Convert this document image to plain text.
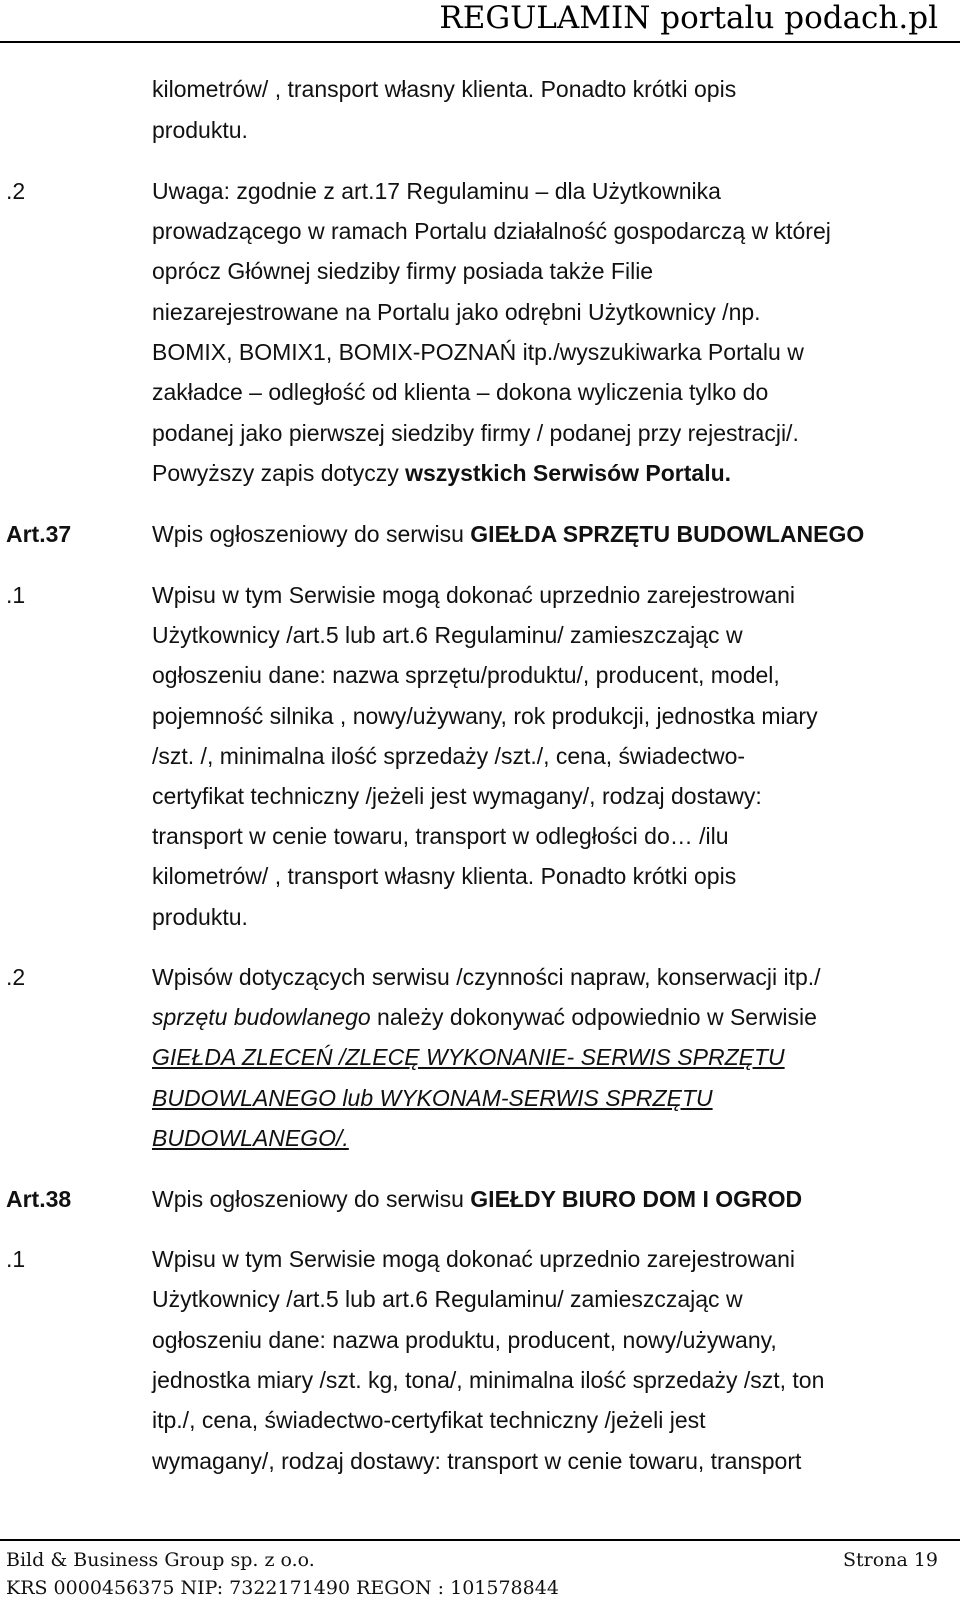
REGULAMIN portalu podach.pl
kilometrów/ , transport własny klienta. Ponadto krótki opis
produktu.
.2	Uwaga: zgodnie z art.17 Regulaminu – dla Użytkownika
prowadzącego w ramach Portalu działalność gospodarczą w której
oprócz Głównej siedziby firmy posiada także Filie
niezarejestrowane na Portalu jako odrębni Użytkownicy /np.
BOMIX, BOMIX1, BOMIX-POZNAŃ itp./wyszukiwarka Portalu w
zakładce – odległość od klienta – dokona wyliczenia tylko do
podanej jako pierwszej siedziby firmy / podanej przy rejestracji/.
Powyższy zapis dotyczy wszystkich Serwisów Portalu.
Art.37	Wpis ogłoszeniowy do serwisu GIEŁDA SPRZĘTU BUDOWLANEGO
.1	Wpisu w tym Serwisie mogą dokonać uprzednio zarejestrowani
Użytkownicy /art.5 lub art.6 Regulaminu/ zamieszczając w
ogłoszeniu dane: nazwa sprzętu/produktu/, producent, model,
pojemność silnika , nowy/używany, rok produkcji, jednostka miary
/szt. /, minimalna ilość sprzedaży /szt./, cena, świadectwo-
certyfikat techniczny /jeżeli jest wymagany/, rodzaj dostawy:
transport w cenie towaru, transport w odległości do… /ilu
kilometrów/ , transport własny klienta. Ponadto krótki opis
produktu.
.2	Wpisów dotyczących serwisu /czynności napraw, konserwacji itp./
sprzętu budowlanego należy dokonywać odpowiednio w Serwisie
GIEŁDA ZLECEŃ /ZLECĘ WYKONANIE- SERWIS SPRZĘTU
BUDOWLANEGO lub WYKONAM-SERWIS SPRZĘTU
BUDOWLANEGO/.
Art.38	Wpis ogłoszeniowy do serwisu GIEŁDY BIURO DOM I OGROD
.1	Wpisu w tym Serwisie mogą dokonać uprzednio zarejestrowani
Użytkownicy /art.5 lub art.6 Regulaminu/ zamieszczając w
ogłoszeniu dane: nazwa produktu, producent, nowy/używany,
jednostka miary /szt. kg, tona/, minimalna ilość sprzedaży /szt, ton
itp./, cena, świadectwo-certyfikat techniczny /jeżeli jest
wymagany/, rodzaj dostawy: transport w cenie towaru, transport
Bild & Business Group sp. z o.o.	Strona 19
KRS 0000456375 NIP: 7322171490 REGON : 101578844
